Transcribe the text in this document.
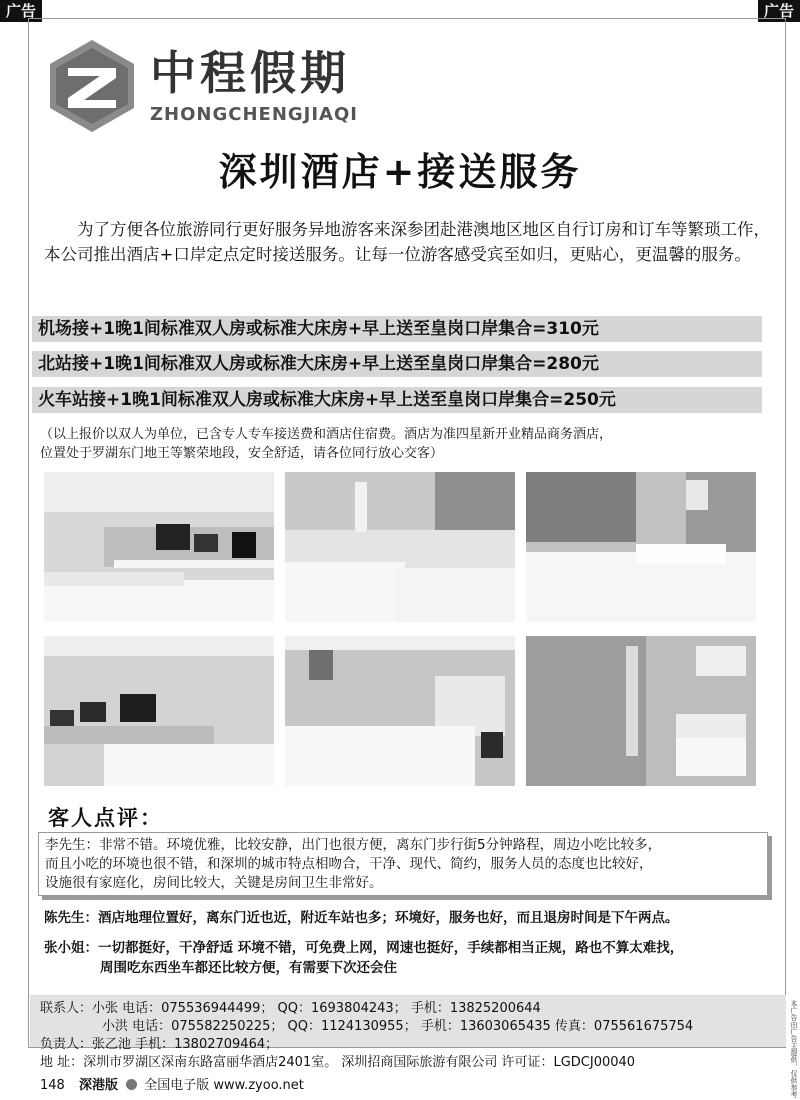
广告	广告
中程假期
ZHONGCHENGJIAQI
深圳酒店+接送服务
为了方便各位旅游同行更好服务异地游客来深参团赴港澳地区地区自行订房和订车等繁琐工作，本公司推出酒店+口岸定点定时接送服务。让每一位游客感受宾至如归，更贴心，更温馨的服务。
机场接+1晚1间标准双人房或标准大床房+早上送至皇岗口岸集合=310元
北站接+1晚1间标准双人房或标准大床房+早上送至皇岗口岸集合=280元
火车站接+1晚1间标准双人房或标准大床房+早上送至皇岗口岸集合=250元
（以上报价以双人为单位，已含专人专车接送费和酒店住宿费。酒店为准四星新开业精品商务酒店，
位置处于罗湖东门地王等繁荣地段，安全舒适，请各位同行放心交客）
客人点评：
李先生：非常不错。环境优雅，比较安静，出门也很方便，离东门步行街5分钟路程，周边小吃比较多，
而且小吃的环境也很不错，和深圳的城市特点相吻合，干净、现代、简约，服务人员的态度也比较好，
设施很有家庭化，房间比较大，关键是房间卫生非常好。
陈先生：酒店地理位置好，离东门近也近，附近车站也多；环境好，服务也好，而且退房时间是下午两点。
张小姐：一切都挺好，干净舒适 环境不错，可免费上网，网速也挺好，手续都相当正规，路也不算太难找，
周围吃东西坐车都还比较方便，有需要下次还会住
联系人：小张 电话：075536944499； QQ：1693804243； 手机：13825200644
小洪 电话：075582250225； QQ：1124130955； 手机：13603065435 传真：075561675754
负责人：张乙池 手机：13802709464；
地 址：深圳市罗湖区深南东路富丽华酒店2401室。 深圳招商国际旅游有限公司 许可证：LGDCJ00040	本广告由广告主提供，仅供参考
148 深港版 全国电子版 www.zyoo.net
